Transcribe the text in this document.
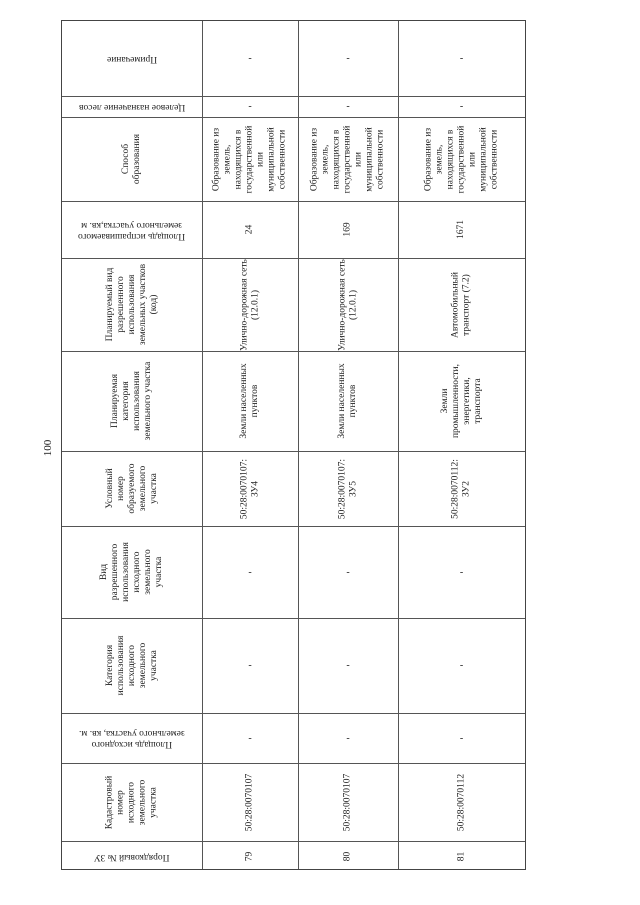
100
Примечание
Целевое назначение лесов
Способ
образования
Площадь испрашиваемого
земельного участка,кв. м
Планируемый вид
разрешенного
использования
земельных участков
(код)
Планируемая
категория
использования
земельного участка
Условный
номер
образуемого
земельного
участка
Вид
разрешенного
использования
исходного
земельного
участка
Категория
использования
исходного
земельного
участка
Площадь исходного
земельного участка, кв. м.
Кадастровый
номер
исходного
земельного
участка
Порядковый № ЗУ
-
-
Образование из
земель,
находящихся в
государственной
или
муниципальной
собственности
24
Улично-дорожная сеть
(12.0.1)
Земли населенных
пунктов
50:28:0070107:
ЗУ4
-
-
-
50:28:0070107
79
-
-
Образование из
земель,
находящихся в
государственной
или
муниципальной
собственности
169
Улично-дорожная сеть
(12.0.1)
Земли населенных
пунктов
50:28:0070107:
ЗУ5
-
-
-
50:28:0070107
80
-
-
Образование из
земель,
находящихся в
государственной
или
муниципальной
собственности
1671
Автомобильный
транспорт (7.2)
Земли
промышленности,
энергетики,
транспорта
50:28:0070112:
ЗУ2
-
-
-
50:28:0070112
81
